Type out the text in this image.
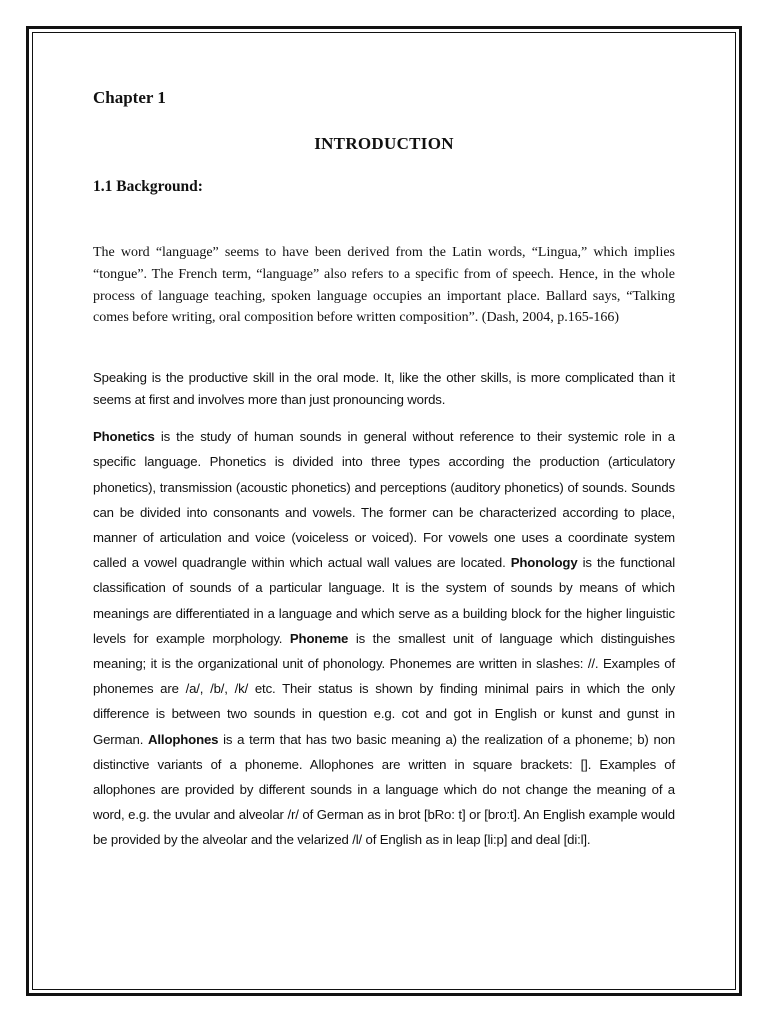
Chapter 1
INTRODUCTION
1.1 Background:

The word “language” seems to have been derived from the Latin words, “Lingua,” which implies “tongue”. The French term, “language” also refers to a specific from of speech. Hence, in the whole process of language teaching, spoken language occupies an important place. Ballard says, “Talking comes before writing, oral composition before written composition”. (Dash, 2004, p.165-166)

Speaking is the productive skill in the oral mode. It, like the other skills, is more complicated than it seems at first and involves more than just pronouncing words.

Phonetics is the study of human sounds in general without reference to their systemic role in a specific language. Phonetics is divided into three types according the production (articulatory phonetics), transmission (acoustic phonetics) and perceptions (auditory phonetics) of sounds. Sounds can be divided into consonants and vowels. The former can be characterized according to place, manner of articulation and voice (voiceless or voiced). For vowels one uses a coordinate system called a vowel quadrangle within which actual wall values are located. Phonology is the functional classification of sounds of a particular language. It is the system of sounds by means of which meanings are differentiated in a language and which serve as a building block for the higher linguistic levels for example morphology. Phoneme is the smallest unit of language which distinguishes meaning; it is the organizational unit of phonology. Phonemes are written in slashes: //. Examples of phonemes are /a/, /b/, /k/ etc. Their status is shown by finding minimal pairs in which the only difference is between two sounds in question e.g. cot and got in English or kunst and gunst in German. Allophones is a term that has two basic meaning a) the realization of a phoneme; b) non distinctive variants of a phoneme. Allophones are written in square brackets: []. Examples of allophones are provided by different sounds in a language which do not change the meaning of a word, e.g. the uvular and alveolar /r/ of German as in brot [bRo: t] or [bro:t]. An English example would be provided by the alveolar and the velarized /l/ of English as in leap [li:p] and deal [di:l].
